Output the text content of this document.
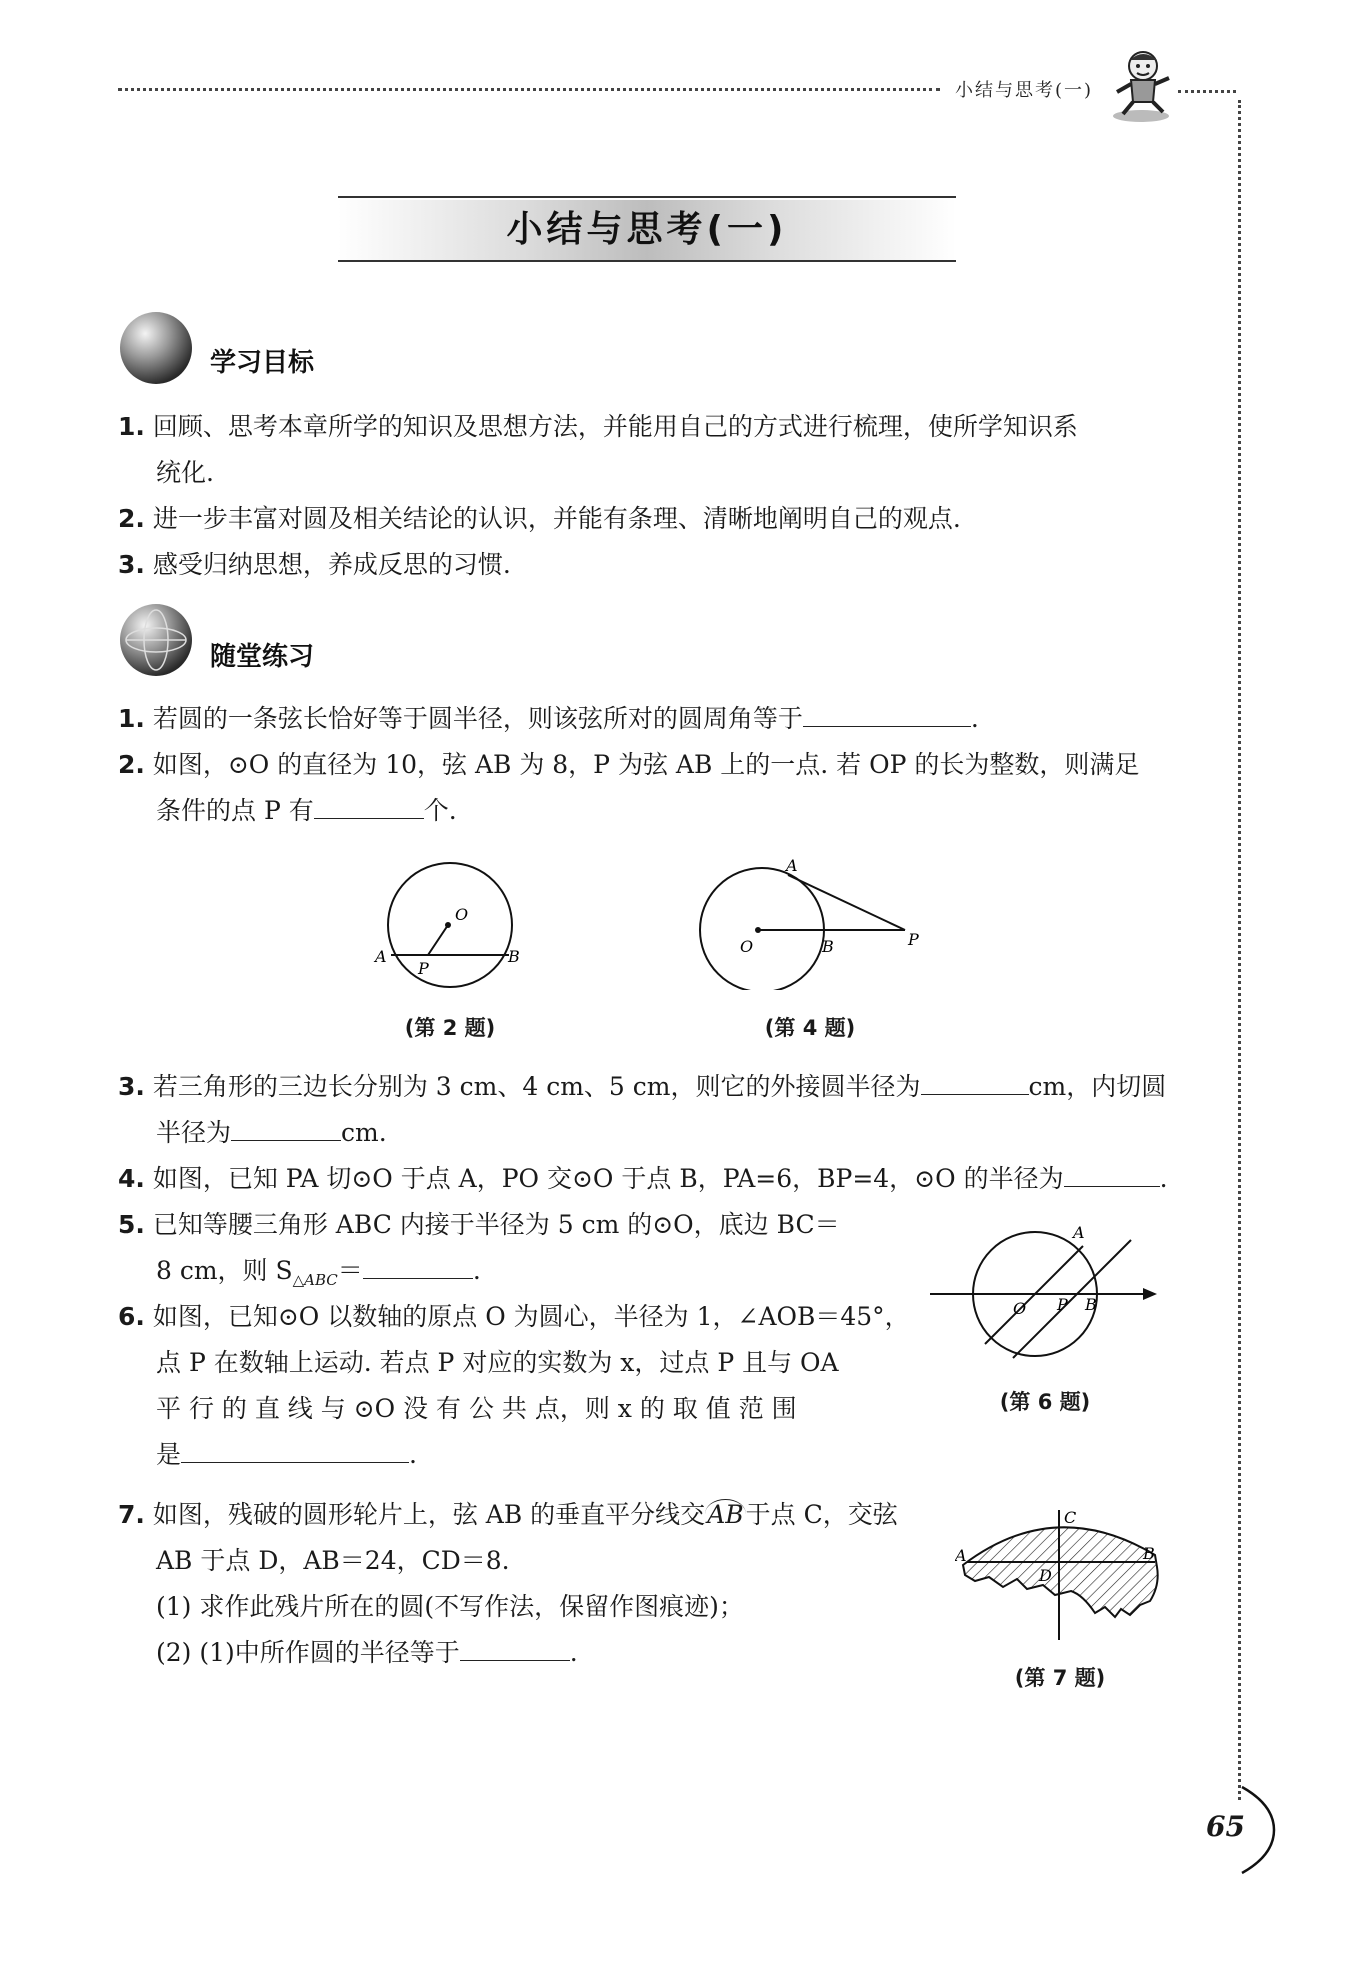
小结与思考(一)
小结与思考(一)
学习目标
1. 回顾、思考本章所学的知识及思想方法，并能用自己的方式进行梳理，使所学知识系
统化.
2. 进一步丰富对圆及相关结论的认识，并能有条理、清晰地阐明自己的观点.
3. 感受归纳思想，养成反思的习惯.
随堂练习
1. 若圆的一条弦长恰好等于圆半径，则该弦所对的圆周角等于	.
2. 如图，⊙O 的直径为 10，弦 AB 为 8，P 为弦 AB 上的一点. 若 OP 的长为整数，则满足
条件的点 P 有	个.
O
A	B
P
(第 2 题)
A
O	B	P
(第 4 题)
3. 若三角形的三边长分别为 3 cm、4 cm、5 cm，则它的外接圆半径为	cm，内切圆
半径为	cm.
4. 如图，已知 PA 切⊙O 于点 A，PO 交⊙O 于点 B，PA=6，BP=4，⊙O 的半径为	.
5. 已知等腰三角形 ABC 内接于半径为 5 cm 的⊙O，底边 BC＝
8 cm，则 $S_{\triangle ABC}=$	.
A
O P B
(第 6 题)
6. 如图，已知⊙O 以数轴的原点 O 为圆心，半径为 1，∠AOB＝45°，
点 P 在数轴上运动. 若点 P 对应的实数为 x，过点 P 且与 OA
平 行 的 直 线 与 ⊙O 没 有 公 共 点，则 x 的 取 值 范 围
是	.
7. 如图，残破的圆形轮片上，弦 AB 的垂直平分线交AB于点 C，交弦
AB 于点 D，AB＝24，CD＝8.
(1) 求作此残片所在的圆(不写作法，保留作图痕迹)；
(2) (1)中所作圆的半径等于	.
C
A	B
D
(第 7 题)
65
